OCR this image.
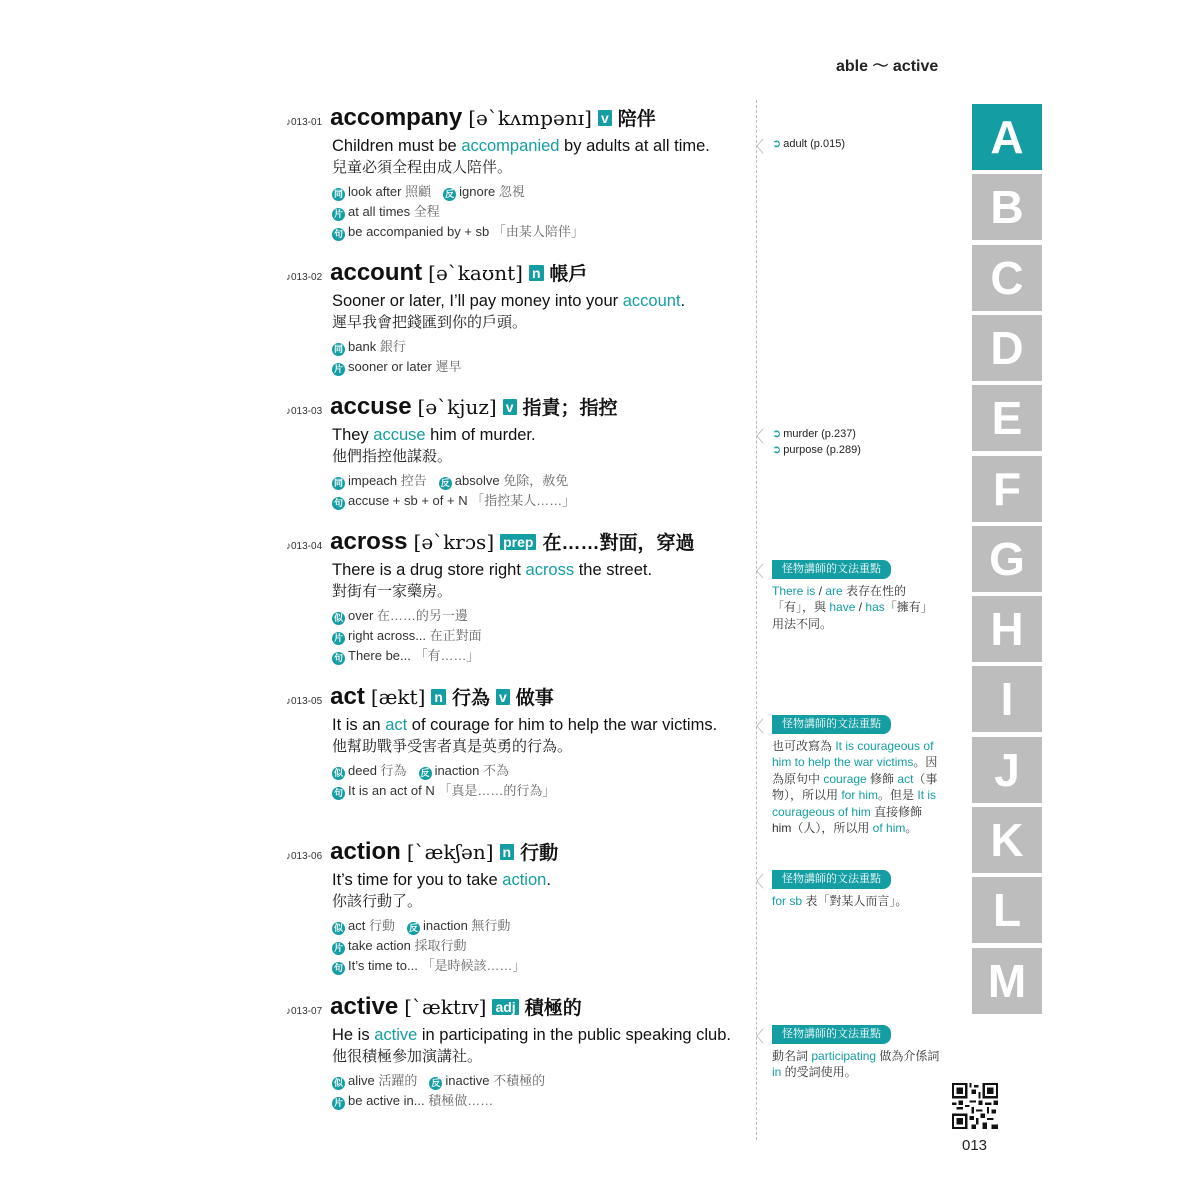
able ～ active
♪013-01 accompany [əˋkʌmpənɪ] v 陪伴
Children must be accompanied by adults at all time.
兒童必須全程由成人陪伴。
同 look after 照顧 反 ignore 忽視
片 at all times 全程
句 be accompanied by + sb 「由某人陪伴」
♪013-02 account [əˋkaʊnt] n 帳戶
Sooner or later, I’ll pay money into your account.
遲早我會把錢匯到你的戶頭。
同 bank 銀行
片 sooner or later 遲早
♪013-03 accuse [əˋkjuz] v 指責；指控
They accuse him of murder.
他們指控他謀殺。
同 impeach 控告 反 absolve 免除，赦免
句 accuse + sb + of + N 「指控某人……」
♪013-04 across [əˋkrɔs] prep 在……對面，穿過
There is a drug store right across the street.
對街有一家藥房。
似 over 在……的另一邊
片 right across... 在正對面
句 There be... 「有……」
♪013-05 act [ækt] n 行為 v 做事
It is an act of courage for him to help the war victims.
他幫助戰爭受害者真是英勇的行為。
似 deed 行為 反 inaction 不為
句 It is an act of N 「真是……的行為」
♪013-06 action [ˋækʃən] n 行動
It’s time for you to take action.
你該行動了。
似 act 行動 反 inaction 無行動
片 take action 採取行動
句 It’s time to... 「是時候該……」
♪013-07 active [ˋæktɪv] adj 積極的
He is active in participating in the public speaking club.
他很積極參加演講社。
似 alive 活躍的 反 inactive 不積極的
片 be active in... 積極做……
〈 ➲ adult (p.015)
〈 ➲ murder (p.237)
➲ purpose (p.289)
〈	怪物講師的文法重點
There is / are 表存在性的「有」，與 have / has「擁有」用法不同。
〈	怪物講師的文法重點
也可改寫為 It is courageous of him to help the war victims。因為原句中 courage 修飾 act（事物），所以用 for him。但是 It is courageous of him 直接修飾 him（人），所以用 of him。
〈	怪物講師的文法重點
for sb 表「對某人而言」。
〈	怪物講師的文法重點
動名詞 participating 做為介係詞 in 的受詞使用。
A
B
C
D
E
F
G
H
I
J
K
L
M
013
